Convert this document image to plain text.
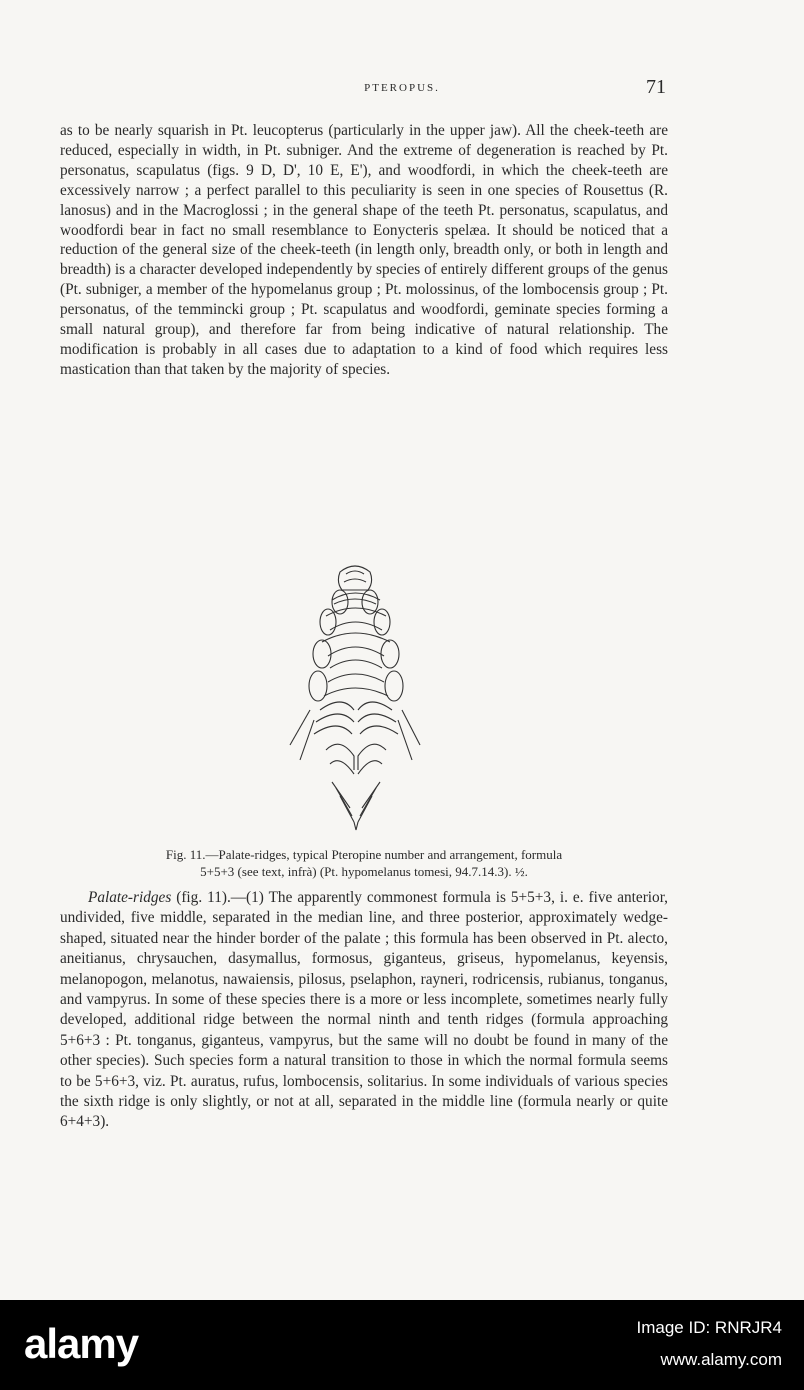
PTEROPUS.	71

as to be nearly squarish in Pt. leucopterus (particularly in the upper jaw). All the cheek-teeth are reduced, especially in width, in Pt. subniger. And the extreme of degeneration is reached by Pt. personatus, scapulatus (figs. 9 D, D', 10 E, E'), and woodfordi, in which the cheek-teeth are excessively narrow ; a perfect parallel to this peculiarity is seen in one species of Rousettus (R. lanosus) and in the Macroglossi ; in the general shape of the teeth Pt. personatus, scapulatus, and woodfordi bear in fact no small resemblance to Eonycteris spelæa. It should be noticed that a reduction of the general size of the cheek-teeth (in length only, breadth only, or both in length and breadth) is a character developed independently by species of entirely different groups of the genus (Pt. subniger, a member of the hypomelanus group ; Pt. molossinus, of the lombocensis group ; Pt. personatus, of the temmincki group ; Pt. scapulatus and woodfordi, geminate species forming a small natural group), and therefore far from being indicative of natural relationship. The modification is probably in all cases due to adaptation to a kind of food which requires less mastication than that taken by the majority of species.

Fig. 11.—Palate-ridges, typical Pteropine number and arrangement, formula
5+5+3 (see text, infrà) (Pt. hypomelanus tomesi, 94.7.14.3). ½.

Palate-ridges (fig. 11).—(1) The apparently commonest formula is 5+5+3, i. e. five anterior, undivided, five middle, separated in the median line, and three posterior, approximately wedge-shaped, situated near the hinder border of the palate ; this formula has been observed in Pt. alecto, aneitianus, chrysauchen, dasymallus, formosus, giganteus, griseus, hypomelanus, keyensis, melanopogon, melanotus, nawaiensis, pilosus, pselaphon, rayneri, rodricensis, rubianus, tonganus, and vampyrus. In some of these species there is a more or less incomplete, sometimes nearly fully developed, additional ridge between the normal ninth and tenth ridges (formula approaching 5+6+3 : Pt. tonganus, giganteus, vampyrus, but the same will no doubt be found in many of the other species). Such species form a natural transition to those in which the normal formula seems to be 5+6+3, viz. Pt. auratus, rufus, lombocensis, solitarius. In some individuals of various species the sixth ridge is only slightly, or not at all, separated in the middle line (formula nearly or quite 6+4+3).

alamy	Image ID: RNRJR4
www.alamy.com
